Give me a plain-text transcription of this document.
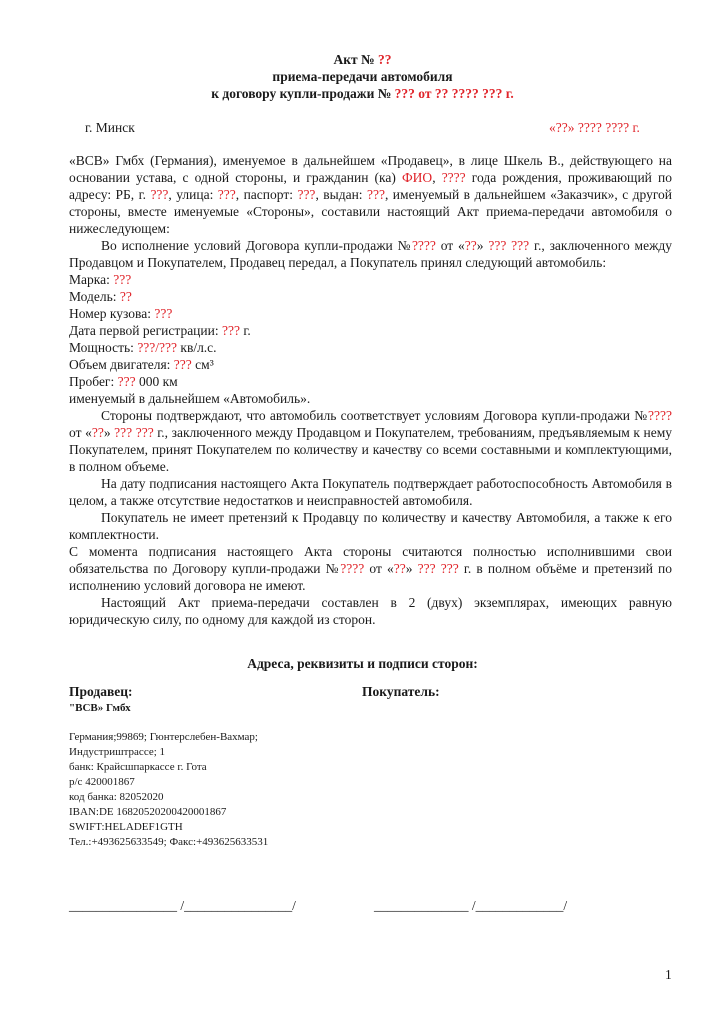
Акт № ??
приема-передачи автомобиля
к договору купли-продажи № ??? от ?? ???? ??? г.
г. Минск	«??» ???? ???? г.

«ВСВ» Гмбх (Германия), именуемое в дальнейшем «Продавец», в лице Шкель В., действующего на основании устава, с одной стороны, и гражданин (ка) ФИО, ???? года рождения, проживающий по адресу: РБ, г. ???, улица: ???, паспорт: ???, выдан: ???, именуемый в дальнейшем «Заказчик», с другой стороны, вместе именуемые «Стороны», составили настоящий Акт приема-передачи автомобиля о нижеследующем:

Во исполнение условий Договора купли-продажи №???? от «??» ??? ??? г., заключенного между Продавцом и Покупателем, Продавец передал, а Покупатель принял следующий автомобиль:

Марка: ???

Модель: ??

Номер кузова: ???

Дата первой регистрации: ??? г.

Мощность: ???/??? кв/л.с.

Объем двигателя: ??? см³

Пробег: ??? 000 км

именуемый в дальнейшем «Автомобиль».

Стороны подтверждают, что автомобиль соответствует условиям Договора купли-продажи №???? от «??» ??? ??? г., заключенного между Продавцом и Покупателем, требованиям, предъявляемым к нему Покупателем, принят Покупателем по количеству и качеству со всеми составными и комплектующими, в полном объеме.

На дату подписания настоящего Акта Покупатель подтверждает работоспособность Автомобиля в целом, а также отсутствие недостатков и неисправностей автомобиля.

Покупатель не имеет претензий к Продавцу по количеству и качеству Автомобиля, а также к его комплектности.

С момента подписания настоящего Акта стороны считаются полностью исполнившими свои обязательства по Договору купли-продажи №???? от «??» ??? ??? г. в полном объёме и претензий по исполнению условий договора не имеют.

Настоящий Акт приема-передачи составлен в 2 (двух) экземплярах, имеющих равную юридическую силу, по одному для каждой из сторон.

Адреса, реквизиты и подписи сторон:
Продавец:	Покупатель:
"ВСВ» Гмбх
Германия;99869; Гюнтерслебен-Вахмар;
Индустриштрассе; 1
банк: Крайсшпаркассе г. Гота
р/с 420001867
код банка: 82052020
IBAN:DE 16820520200420001867
SWIFT:HELADEF1GTH
Тел.:+493625633549; Факс:+493625633531
________________ /________________/	______________ /_____________/
1
